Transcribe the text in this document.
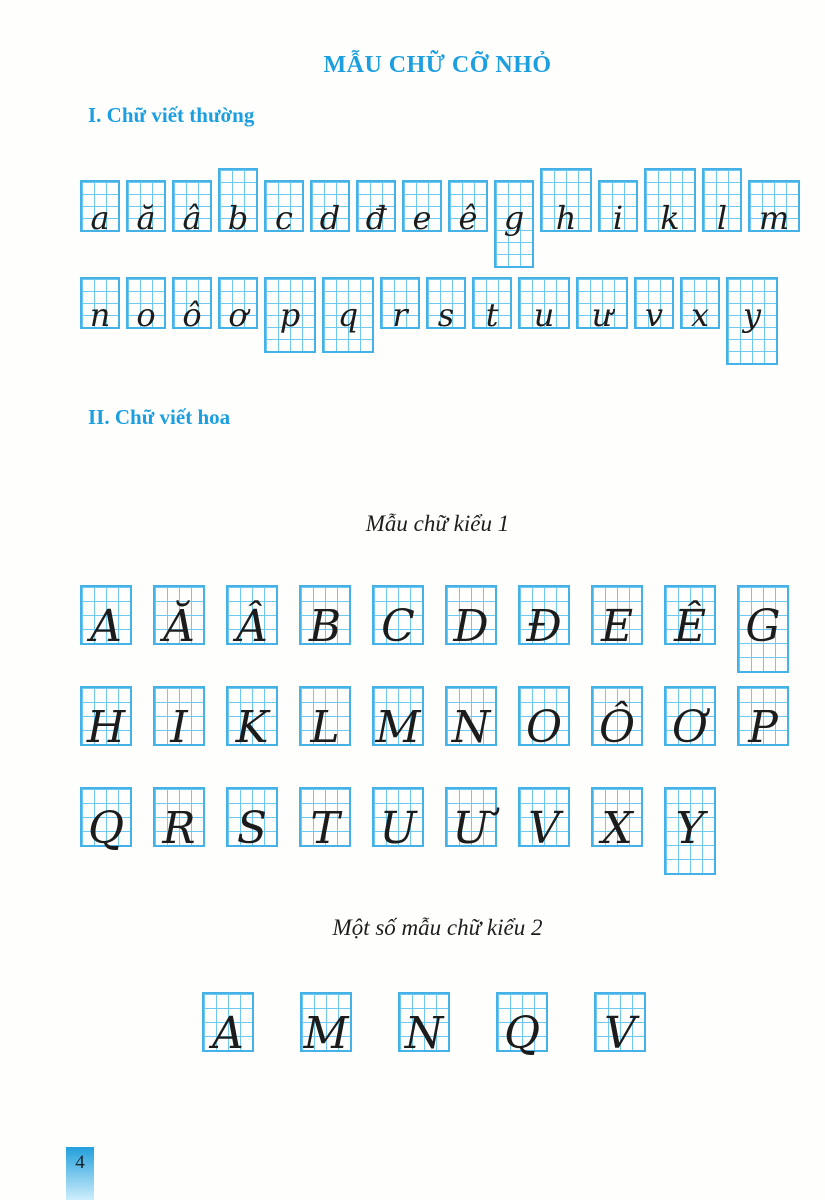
MẪU CHỮ CỠ NHỎ
I. Chữ viết thường
a ă â b c d đ e ê g h	i	k	l m
n o ô ơ	p	q	r s t	u	ư	v x	y
II. Chữ viết hoa
Mẫu chữ kiểu 1
A Ă Â B C D Đ E Ê G
H	I	K L M N O Ô Ơ P
Q R S T U Ư V X Y
Một số mẫu chữ kiểu 2
A M N Q V
4
